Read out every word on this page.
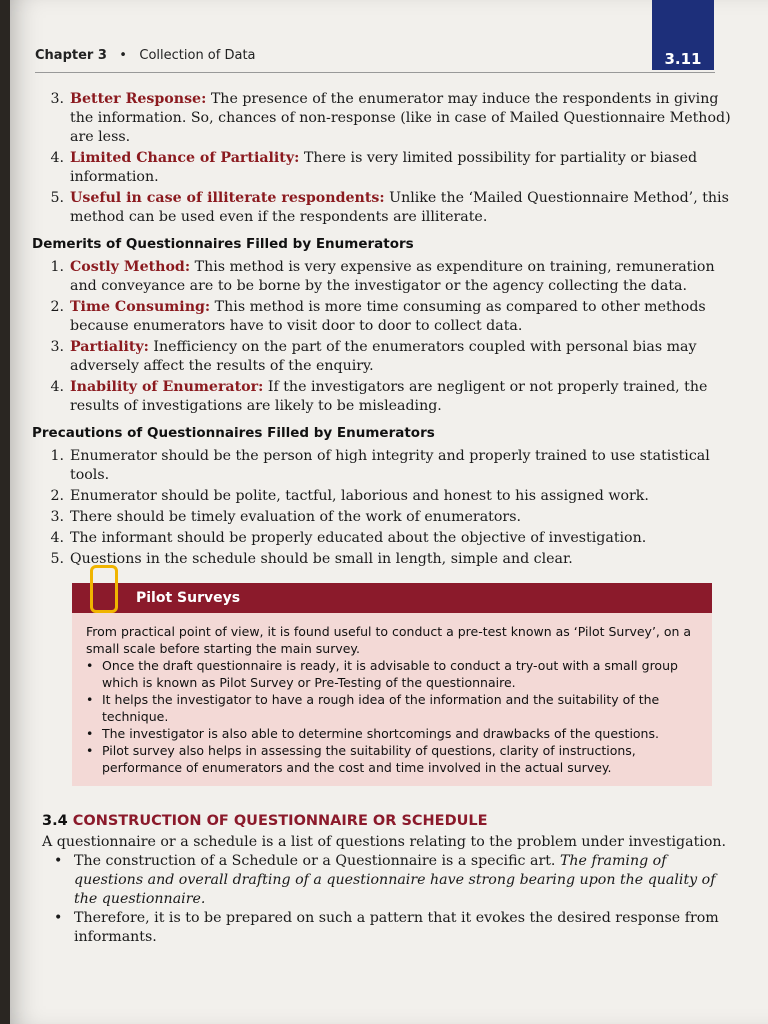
3.11
Chapter 3 • Collection of Data
3. Better Response: The presence of the enumerator may induce the respondents in giving the information. So, chances of non-response (like in case of Mailed Questionnaire Method) are less.
4. Limited Chance of Partiality: There is very limited possibility for partiality or biased information.
5. Useful in case of illiterate respondents: Unlike the ‘Mailed Questionnaire Method’, this method can be used even if the respondents are illiterate.
Demerits of Questionnaires Filled by Enumerators
1. Costly Method: This method is very expensive as expenditure on training, remuneration and conveyance are to be borne by the investigator or the agency collecting the data.
2. Time Consuming: This method is more time consuming as compared to other methods because enumerators have to visit door to door to collect data.
3. Partiality: Inefficiency on the part of the enumerators coupled with personal bias may adversely affect the results of the enquiry.
4. Inability of Enumerator: If the investigators are negligent or not properly trained, the results of investigations are likely to be misleading.
Precautions of Questionnaires Filled by Enumerators
1. Enumerator should be the person of high integrity and properly trained to use statistical tools.
2. Enumerator should be polite, tactful, laborious and honest to his assigned work.
3. There should be timely evaluation of the work of enumerators.
4. The informant should be properly educated about the objective of investigation.
5. Questions in the schedule should be small in length, simple and clear.
Pilot Surveys
From practical point of view, it is found useful to conduct a pre-test known as ‘Pilot Survey’, on a small scale before starting the main survey.
• Once the draft questionnaire is ready, it is advisable to conduct a try-out with a small group which is known as Pilot Survey or Pre-Testing of the questionnaire.
• It helps the investigator to have a rough idea of the information and the suitability of the technique.
• The investigator is also able to determine shortcomings and drawbacks of the questions.
• Pilot survey also helps in assessing the suitability of questions, clarity of instructions, performance of enumerators and the cost and time involved in the actual survey.
3.4 CONSTRUCTION OF QUESTIONNAIRE OR SCHEDULE
A questionnaire or a schedule is a list of questions relating to the problem under investigation.
• The construction of a Schedule or a Questionnaire is a specific art. The framing of questions and overall drafting of a questionnaire have strong bearing upon the quality of the questionnaire.
• Therefore, it is to be prepared on such a pattern that it evokes the desired response from informants.
